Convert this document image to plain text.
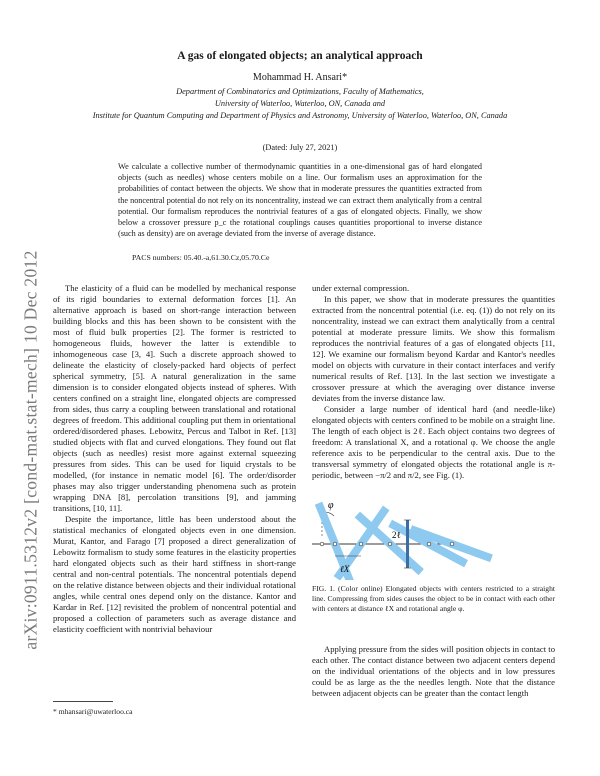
arXiv:0911.5312v2 [cond-mat.stat-mech] 10 Dec 2012
A gas of elongated objects; an analytical approach
Mohammad H. Ansari*
Department of Combinatorics and Optimizations, Faculty of Mathematics,
University of Waterloo, Waterloo, ON, Canada and
Institute for Quantum Computing and Department of Physics and Astronomy, University of Waterloo, Waterloo, ON, Canada
(Dated: July 27, 2021)
We calculate a collective number of thermodynamic quantities in a one-dimensional gas of hard elongated objects (such as needles) whose centers mobile on a line. Our formalism uses an approximation for the probabilities of contact between the objects. We show that in moderate pressures the quantities extracted from the noncentral potential do not rely on its noncentrality, instead we can extract them analytically from a central potential. Our formalism reproduces the nontrivial features of a gas of elongated objects. Finally, we show below a crossover pressure p_c the rotational couplings causes quantities proportional to inverse distance (such as density) are on average deviated from the inverse of average distance.
PACS numbers: 05.40.-a,61.30.Cz,05.70.Ce

The elasticity of a fluid can be modelled by mechanical response of its rigid boundaries to external deformation forces [1]. An alternative approach is based on short-range interaction between building blocks and this has been shown to be consistent with the most of fluid bulk properties [2]. The former is restricted to homogeneous fluids, however the latter is extendible to inhomogeneous case [3, 4]. Such a discrete approach showed to delineate the elasticity of closely-packed hard objects of perfect spherical symmetry, [5]. A natural generalization in the same dimension is to consider elongated objects instead of spheres. With centers confined on a straight line, elongated objects are compressed from sides, thus carry a coupling between translational and rotational degrees of freedom. This additional coupling put them in orientational ordered/disordered phases. Lebowitz, Percus and Talbot in Ref. [13] studied objects with flat and curved elongations. They found out flat objects (such as needles) resist more against external squeezing pressures from sides. This can be used for liquid crystals to be modelled, (for instance in nematic model [6]. The order/disorder phases may also trigger understanding phenomena such as protein wrapping DNA [8], percolation transitions [9], and jamming transitions, [10, 11].

Despite the importance, little has been understood about the statistical mechanics of elongated objects even in one dimension. Murat, Kantor, and Farago [7] proposed a direct generalization of Lebowitz formalism to study some features in the elasticity properties hard elongated objects such as their hard stiffness in short-range central and non-central potentials. The noncentral potentials depend on the relative distance between objects and their individual rotational angles, while central ones depend only on the distance. Kantor and Kardar in Ref. [12] revisited the problem of noncentral potential and proposed a collection of parameters such as average distance and elasticity coefficient with nontrivial behaviour

under external compression.

In this paper, we show that in moderate pressures the quantities extracted from the noncentral potential (i.e. eq. (1)) do not rely on its noncentrality, instead we can extract them analytically from a central potential at moderate pressure limits. We show this formalism reproduces the nontrivial features of a gas of elongated objects [11, 12]. We examine our formalism beyond Kardar and Kantor's needles model on objects with curvature in their contact interfaces and verify numerical results of Ref. [13]. In the last section we investigate a crossover pressure at which the averaging over distance inverse deviates from the inverse distance law.

Consider a large number of identical hard (and needle-like) elongated objects with centers confined to be mobile on a straight line. The length of each object is 2ℓ. Each object contains two degrees of freedom: A translational X, and a rotational φ. We choose the angle reference axis to be perpendicular to the central axis. Due to the transversal symmetry of elongated objects the rotational angle is π-periodic, between −π/2 and π/2, see Fig. (1).

φ
2ℓ
ℓX
FIG. 1. (Color online) Elongated objects with centers restricted to a straight line. Compressing from sides causes the object to be in contact with each other with centers at distance ℓX and rotational angle φ.

Applying pressure from the sides will position objects in contact to each other. The contact distance between two adjacent centers depend on the individual orientations of the objects and in low pressures could be as large as the the needles length. Note that the distance between adjacent objects can be greater than the contact length

* mhansari@uwaterloo.ca
